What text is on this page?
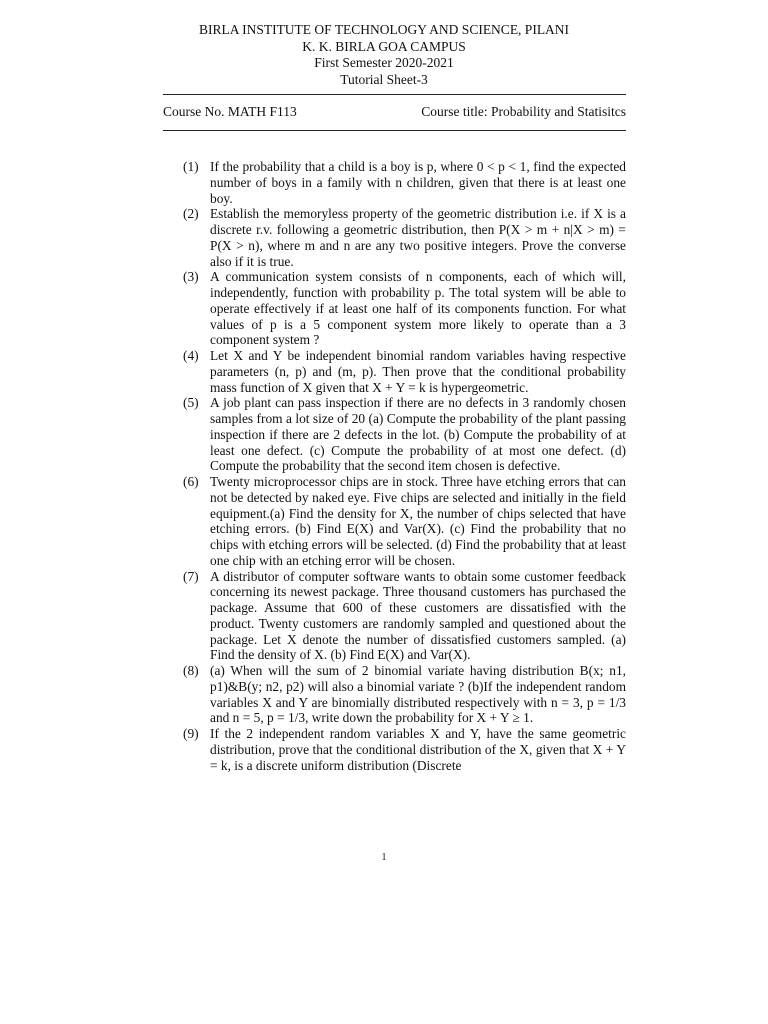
BIRLA INSTITUTE OF TECHNOLOGY AND SCIENCE, PILANI
K. K. BIRLA GOA CAMPUS
First Semester 2020-2021
Tutorial Sheet-3
Course No. MATH F113	Course title: Probability and Statisitcs
(1) If the probability that a child is a boy is p, where 0 < p < 1, find the expected number of boys in a family with n children, given that there is at least one boy.
(2) Establish the memoryless property of the geometric distribution i.e. if X is a discrete r.v. following a geometric distribution, then P(X > m + n|X > m) = P(X > n), where m and n are any two positive integers. Prove the converse also if it is true.
(3) A communication system consists of n components, each of which will, independently, function with probability p. The total system will be able to operate effectively if at least one half of its components function. For what values of p is a 5 component system more likely to operate than a 3 component system ?
(4) Let X and Y be independent binomial random variables having respective parameters (n, p) and (m, p). Then prove that the conditional probability mass function of X given that X + Y = k is hypergeometric.
(5) A job plant can pass inspection if there are no defects in 3 randomly chosen samples from a lot size of 20 (a) Compute the probability of the plant passing inspection if there are 2 defects in the lot. (b) Compute the probability of at least one defect. (c) Compute the probability of at most one defect. (d) Compute the probability that the second item chosen is defective.
(6) Twenty microprocessor chips are in stock. Three have etching errors that can not be detected by naked eye. Five chips are selected and initially in the field equipment.(a) Find the density for X, the number of chips selected that have etching errors. (b) Find E(X) and Var(X). (c) Find the probability that no chips with etching errors will be selected. (d) Find the probability that at least one chip with an etching error will be chosen.
(7) A distributor of computer software wants to obtain some customer feedback concerning its newest package. Three thousand customers has purchased the package. Assume that 600 of these customers are dissatisfied with the product. Twenty customers are randomly sampled and questioned about the package. Let X denote the number of dissatisfied customers sampled. (a) Find the density of X. (b) Find E(X) and Var(X).
(8) (a) When will the sum of 2 binomial variate having distribution B(x; n1, p1)&B(y; n2, p2) will also a binomial variate ? (b)If the independent random variables X and Y are binomially distributed respectively with n = 3, p = 1/3 and n = 5, p = 1/3, write down the probability for X + Y ≥ 1.
(9) If the 2 independent random variables X and Y, have the same geometric distribution, prove that the conditional distribution of the X, given that X + Y = k, is a discrete uniform distribution (Discrete
1
